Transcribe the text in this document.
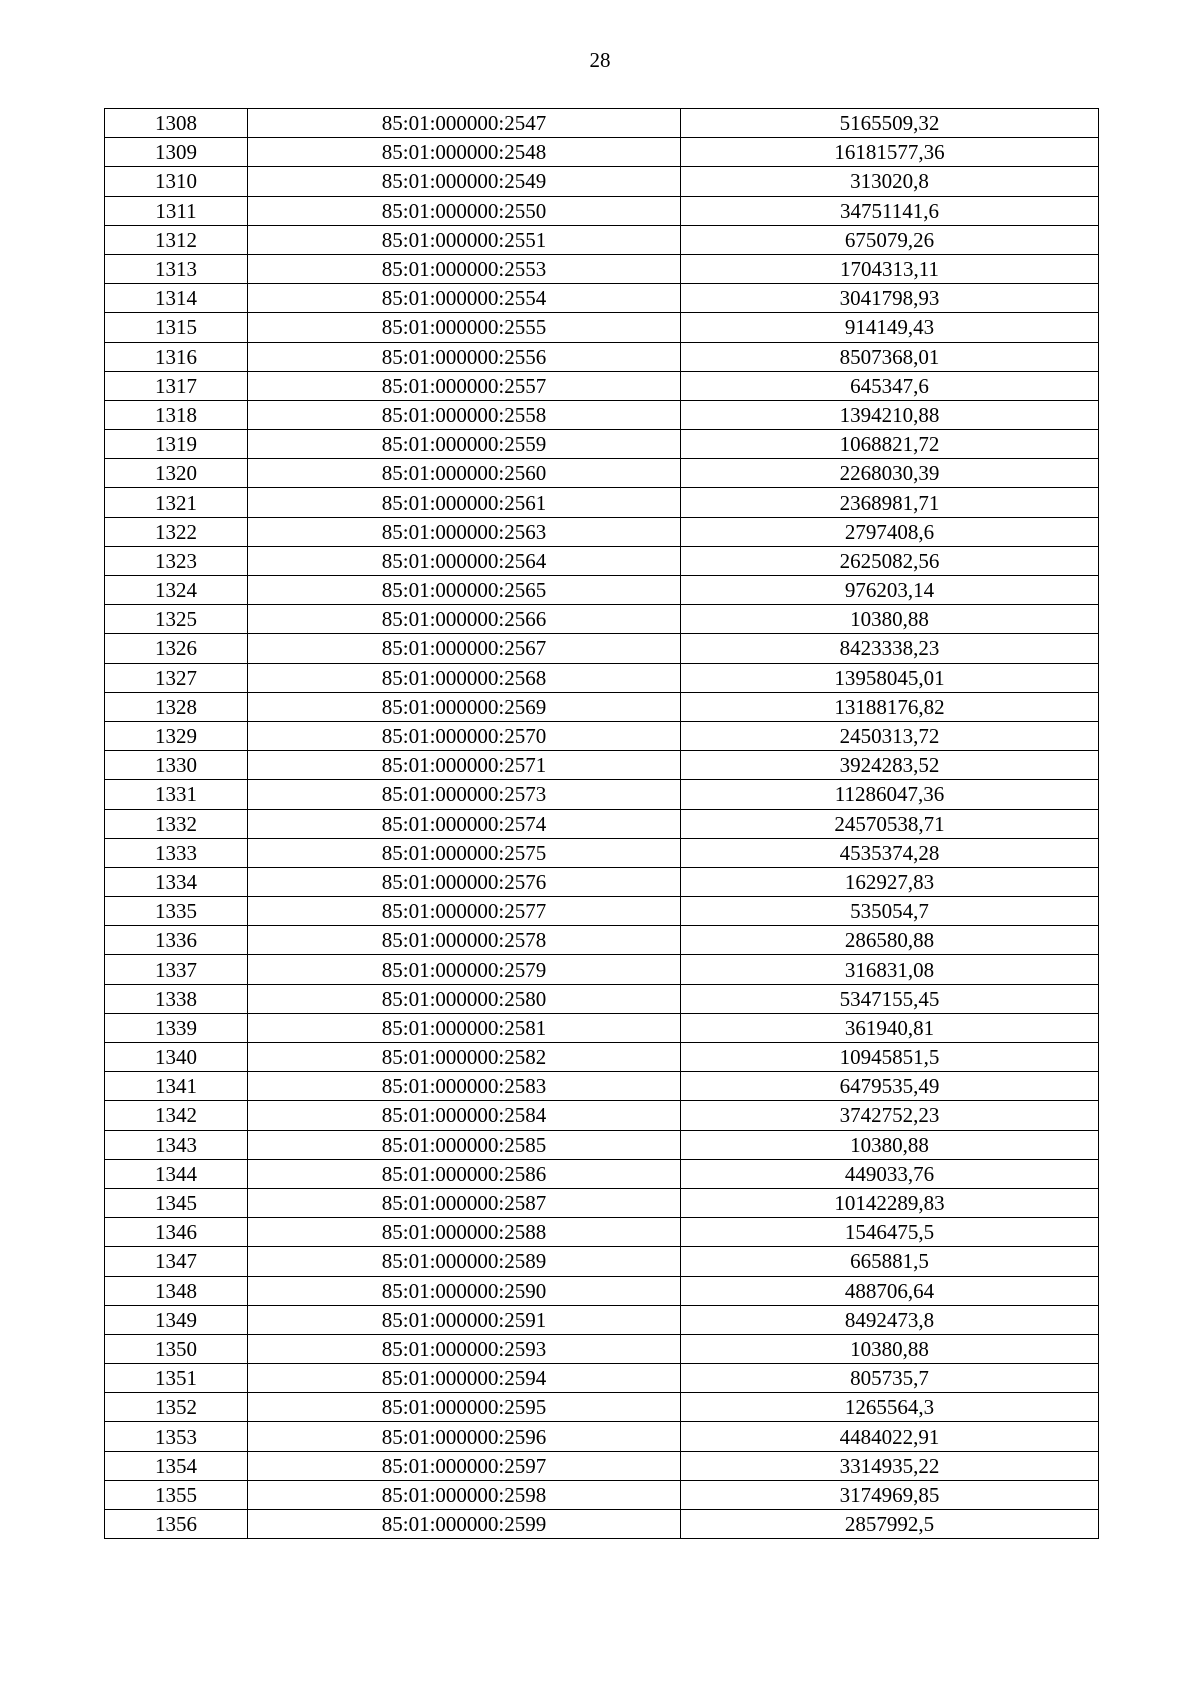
28
1308	85:01:000000:2547	5165509,32
1309	85:01:000000:2548	16181577,36
1310	85:01:000000:2549	313020,8
1311	85:01:000000:2550	34751141,6
1312	85:01:000000:2551	675079,26
1313	85:01:000000:2553	1704313,11
1314	85:01:000000:2554	3041798,93
1315	85:01:000000:2555	914149,43
1316	85:01:000000:2556	8507368,01
1317	85:01:000000:2557	645347,6
1318	85:01:000000:2558	1394210,88
1319	85:01:000000:2559	1068821,72
1320	85:01:000000:2560	2268030,39
1321	85:01:000000:2561	2368981,71
1322	85:01:000000:2563	2797408,6
1323	85:01:000000:2564	2625082,56
1324	85:01:000000:2565	976203,14
1325	85:01:000000:2566	10380,88
1326	85:01:000000:2567	8423338,23
1327	85:01:000000:2568	13958045,01
1328	85:01:000000:2569	13188176,82
1329	85:01:000000:2570	2450313,72
1330	85:01:000000:2571	3924283,52
1331	85:01:000000:2573	11286047,36
1332	85:01:000000:2574	24570538,71
1333	85:01:000000:2575	4535374,28
1334	85:01:000000:2576	162927,83
1335	85:01:000000:2577	535054,7
1336	85:01:000000:2578	286580,88
1337	85:01:000000:2579	316831,08
1338	85:01:000000:2580	5347155,45
1339	85:01:000000:2581	361940,81
1340	85:01:000000:2582	10945851,5
1341	85:01:000000:2583	6479535,49
1342	85:01:000000:2584	3742752,23
1343	85:01:000000:2585	10380,88
1344	85:01:000000:2586	449033,76
1345	85:01:000000:2587	10142289,83
1346	85:01:000000:2588	1546475,5
1347	85:01:000000:2589	665881,5
1348	85:01:000000:2590	488706,64
1349	85:01:000000:2591	8492473,8
1350	85:01:000000:2593	10380,88
1351	85:01:000000:2594	805735,7
1352	85:01:000000:2595	1265564,3
1353	85:01:000000:2596	4484022,91
1354	85:01:000000:2597	3314935,22
1355	85:01:000000:2598	3174969,85
1356	85:01:000000:2599	2857992,5
